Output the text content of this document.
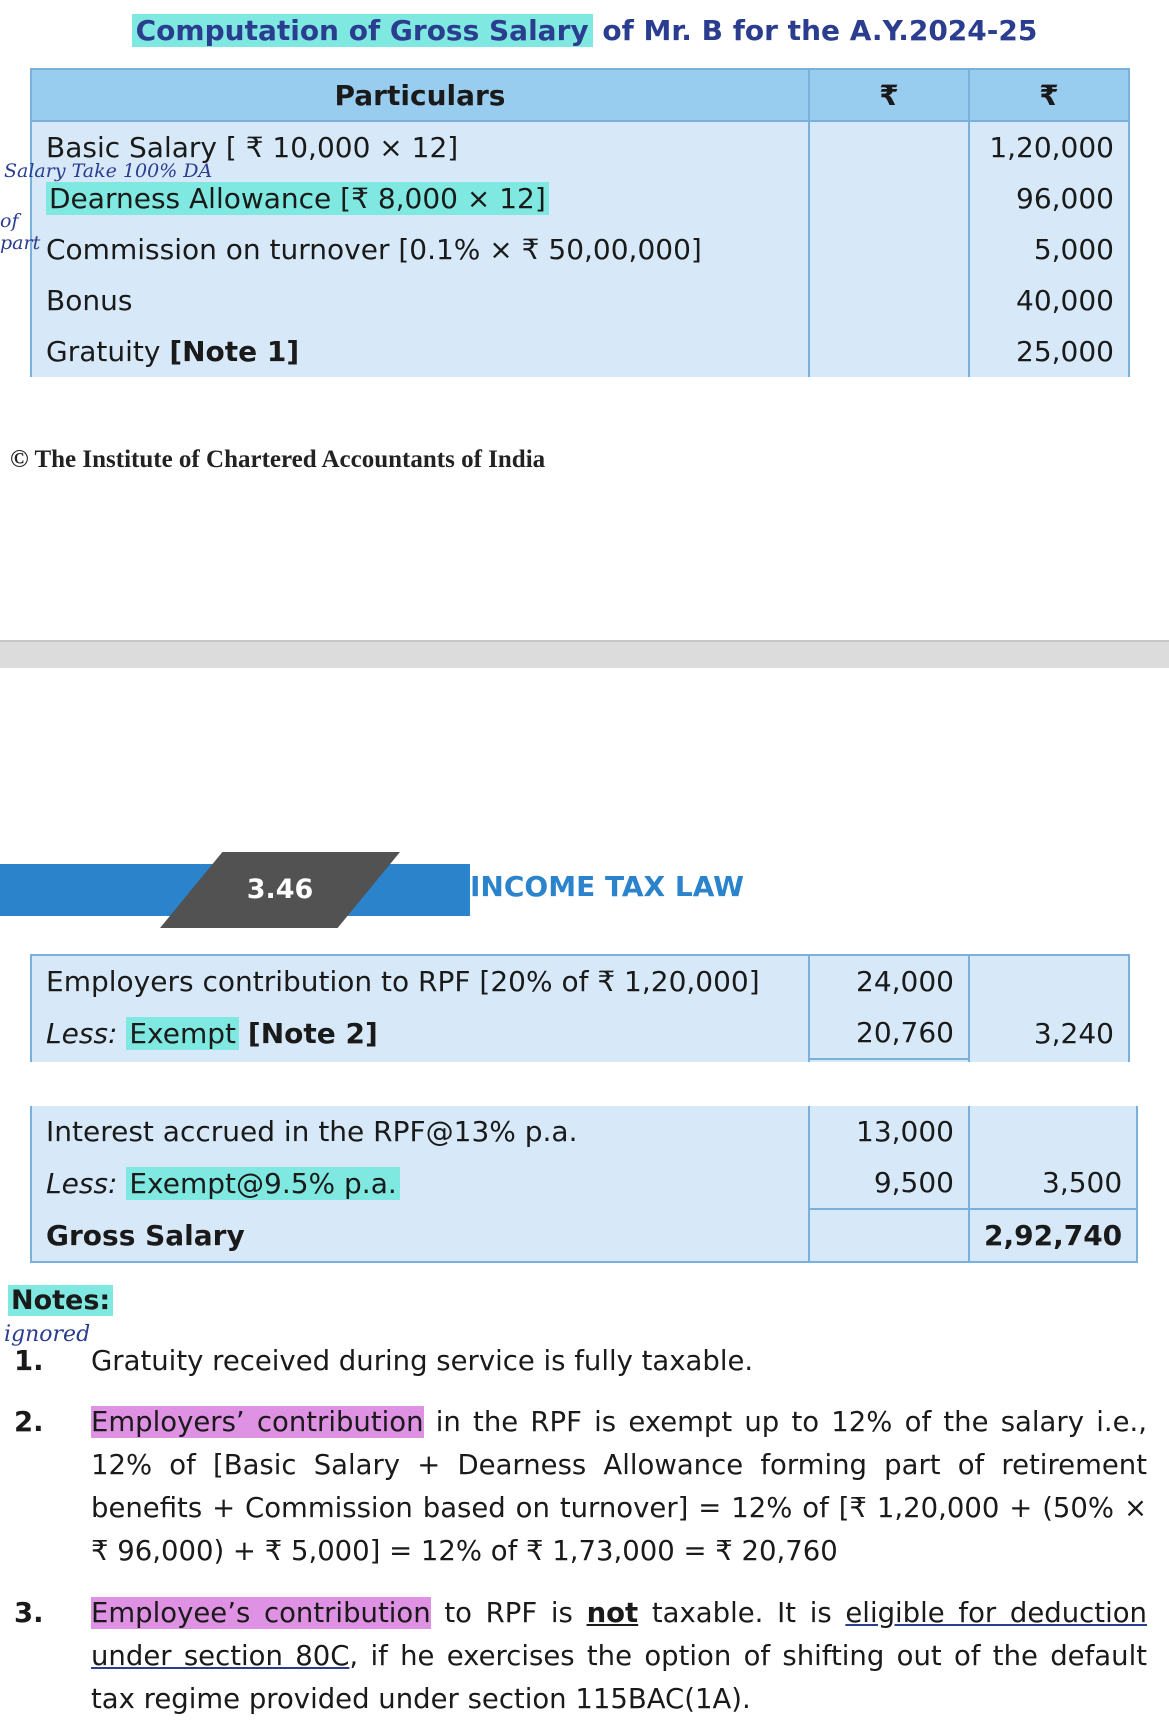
Computation of Gross Salary of Mr. B for the A.Y.2024-25
Particulars	₹	₹
Basic Salary [ ₹ 10,000 × 12]		1,20,000
Dearness Allowance [₹ 8,000 × 12]		96,000
Commission on turnover [0.1% × ₹ 50,00,000]		5,000
Bonus		40,000
Gratuity [Note 1]		25,000
Salary Take 100% DA
of
part
© The Institute of Chartered Accountants of India
3.46	INCOME TAX LAW
Employers contribution to RPF [20% of ₹ 1,20,000]	24,000	
Less: Exempt [Note 2]	20,760	3,240

Interest accrued in the RPF@13% p.a.	13,000	
Less: Exempt@9.5% p.a.	9,500	3,500
Gross Salary		2,92,740
Notes:
ignored
1. Gratuity received during service is fully taxable.
2. Employers’ contribution in the RPF is exempt up to 12% of the salary i.e., 12% of [Basic Salary + Dearness Allowance forming part of retirement benefits + Commission based on turnover] = 12% of [₹ 1,20,000 + (50% × ₹ 96,000) + ₹ 5,000] = 12% of ₹ 1,73,000 = ₹ 20,760
3. Employee’s contribution to RPF is not taxable. It is eligible for deduction under section 80C, if he exercises the option of shifting out of the default tax regime provided under section 115BAC(1A).
